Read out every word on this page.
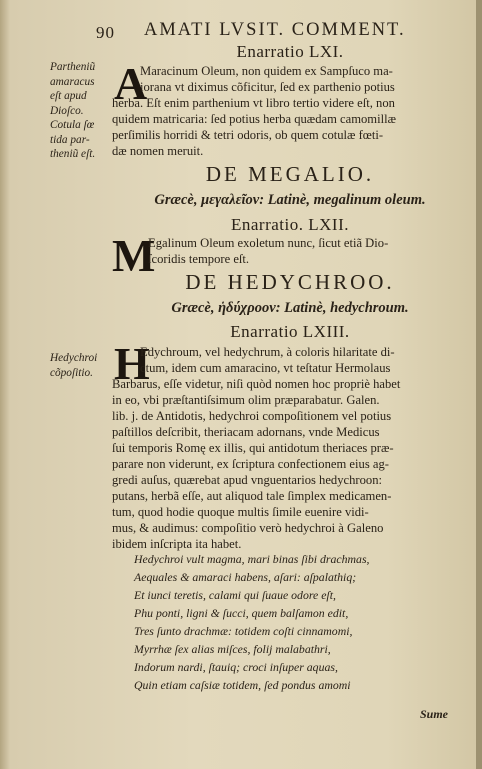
90 AMATI LVSIT. COMMENT.
Enarratio LXI.
A
Maracinum Oleum, non quidem ex Sampſuco ma-
iorana vt diximus cõficitur, ſed ex parthenio potius
herba. Eſt enim parthenium vt libro tertio videre eſt, non
quidem matricaria: ſed potius herba quædam camomillæ
perſimilis horridi & tetri odoris, ob quem cotulæ fœti-
dæ nomen meruit.
Partheniũ
amaracus
eſt apud
Dioſco.
Cotula ſœ
tida par-
theniũ eſt.
DE MEGALIO.
Græcè, μεγαλεῖον: Latinè, megalinum oleum.
Enarratio. LXII.
M
Egalinum Oleum exoletum nunc, ſicut etiã Dio-
ſcoridis tempore eſt.
DE HEDYCHROO.
Græcè, ἡδύχροον: Latinè, hedychroum.
Enarratio LXIII.
H
Hedychroi
cõpoſitio.
Edychroum, vel hedychrum, à coloris hilaritate di-
ctum, idem cum amaracino, vt teſtatur Hermolaus
Barbarus, eſſe videtur, niſi quòd nomen hoc propriè habet
in eo, vbi præſtantiſsimum olim præparabatur. Galen.
lib. j. de Antidotis, hedychroi compoſitionem vel potius
paſtillos deſcribit, theriacam adornans, vnde Medicus
ſui temporis Romę ex illis, qui antidotum theriaces præ-
parare non viderunt, ex ſcriptura confectionem eius ag-
gredi auſus, quærebat apud vnguentarios hedychroon:
putans, herbã eſſe, aut aliquod tale ſimplex medicamen-
tum, quod hodie quoque multis ſimile euenire vidi-
mus, & audimus: compoſitio verò hedychroi à Galeno
ibidem inſcripta ita habet.
Hedychroi vult magma, mari binas ſibi drachmas,
Aequales & amaraci habens, aſari: aſpalathiq;
Et iunci teretis, calami qui ſuaue odore eſt,
Phu ponti, ligni & ſucci, quem balſamon edit,
Tres ſunto drachmæ: totidem coſti cinnamomi,
Myrrhæ ſex alias miſces, folij malabathri,
Indorum nardi, ſtauiq; croci inſuper aquas,
Quin etiam caſsiæ totidem, ſed pondus amomi
Sume
